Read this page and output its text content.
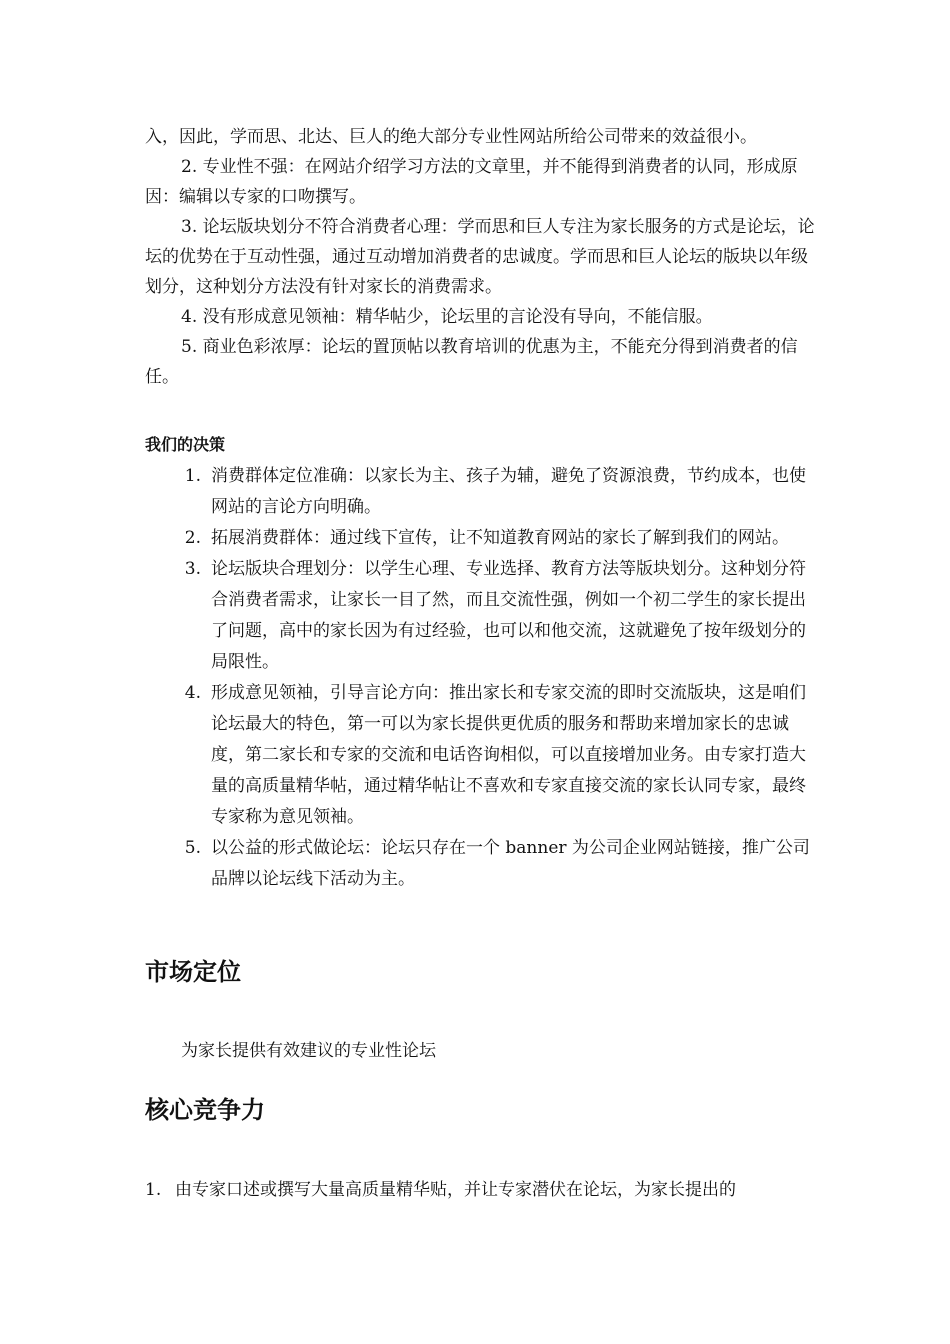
入，因此，学而思、北达、巨人的绝大部分专业性网站所给公司带来的效益很小。

2. 专业性不强：在网站介绍学习方法的文章里，并不能得到消费者的认同，形成原因：编辑以专家的口吻撰写。

3. 论坛版块划分不符合消费者心理：学而思和巨人专注为家长服务的方式是论坛，论坛的优势在于互动性强，通过互动增加消费者的忠诚度。学而思和巨人论坛的版块以年级划分，这种划分方法没有针对家长的消费需求。

4. 没有形成意见领袖：精华帖少，论坛里的言论没有导向，不能信服。

5. 商业色彩浓厚：论坛的置顶帖以教育培训的优惠为主，不能充分得到消费者的信任。

我们的决策
1. 消费群体定位准确：以家长为主、孩子为辅，避免了资源浪费，节约成本，也使网站的言论方向明确。
2. 拓展消费群体：通过线下宣传，让不知道教育网站的家长了解到我们的网站。
3. 论坛版块合理划分：以学生心理、专业选择、教育方法等版块划分。这种划分符合消费者需求，让家长一目了然，而且交流性强，例如一个初二学生的家长提出了问题，高中的家长因为有过经验，也可以和他交流，这就避免了按年级划分的局限性。
4. 形成意见领袖，引导言论方向：推出家长和专家交流的即时交流版块，这是咱们论坛最大的特色，第一可以为家长提供更优质的服务和帮助来增加家长的忠诚度，第二家长和专家的交流和电话咨询相似，可以直接增加业务。由专家打造大量的高质量精华帖，通过精华帖让不喜欢和专家直接交流的家长认同专家，最终专家称为意见领袖。
5. 以公益的形式做论坛：论坛只存在一个 banner 为公司企业网站链接，推广公司品牌以论坛线下活动为主。
市场定位
为家长提供有效建议的专业性论坛
核心竞争力
1. 由专家口述或撰写大量高质量精华贴，并让专家潜伏在论坛，为家长提出的
